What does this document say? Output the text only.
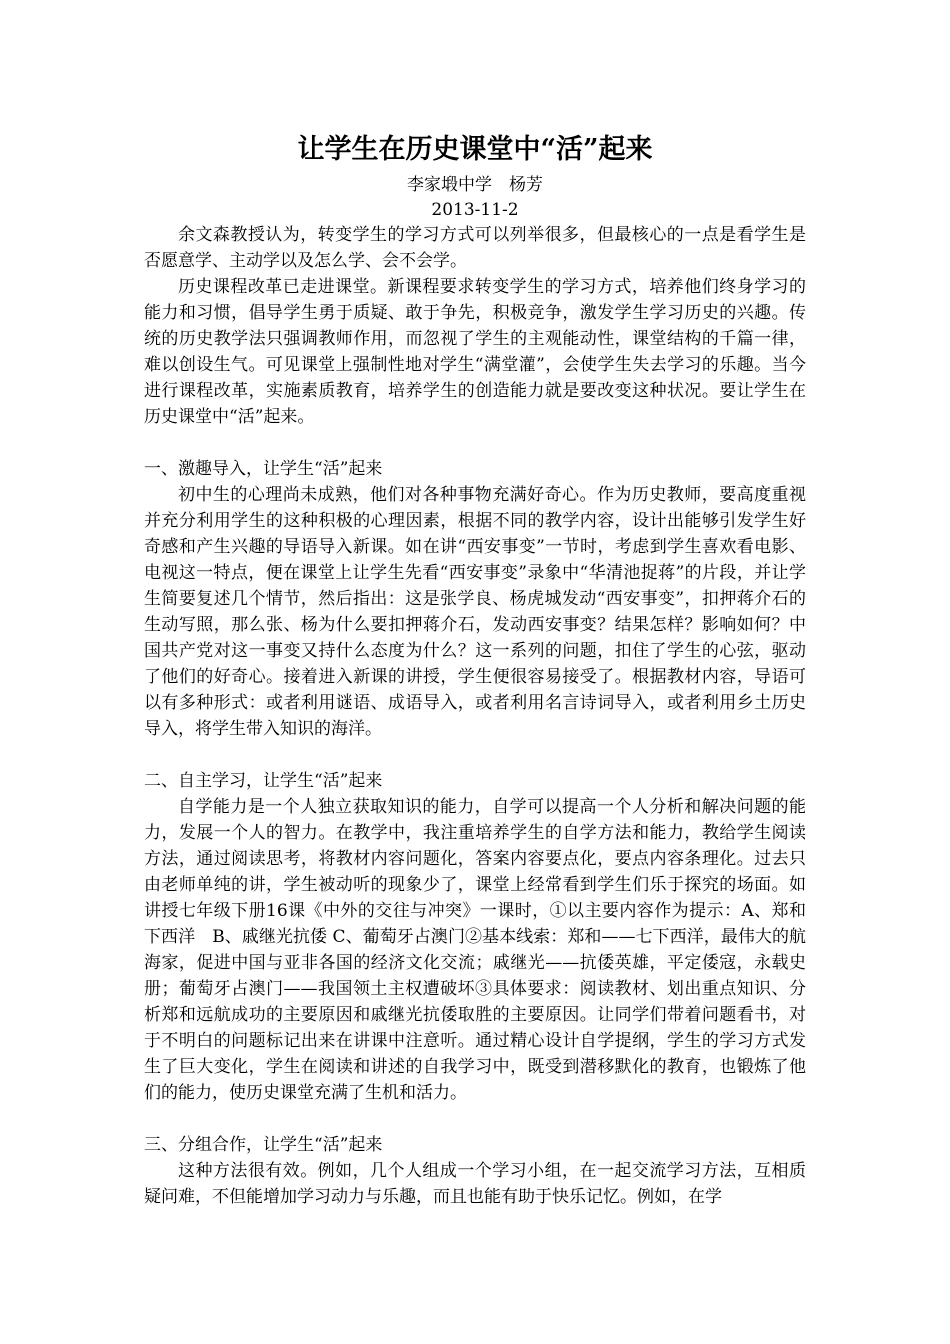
让学生在历史课堂中“活”起来

李家塅中学　杨芳

2013-11-2

余文森教授认为，转变学生的学习方式可以列举很多，但最核心的一点是看学生是否愿意学、主动学以及怎么学、会不会学。

历史课程改革已走进课堂。新课程要求转变学生的学习方式，培养他们终身学习的能力和习惯，倡导学生勇于质疑、敢于争先，积极竞争，激发学生学习历史的兴趣。传统的历史教学法只强调教师作用，而忽视了学生的主观能动性，课堂结构的千篇一律，难以创设生气。可见课堂上强制性地对学生“满堂灌”，会使学生失去学习的乐趣。当今进行课程改革，实施素质教育，培养学生的创造能力就是要改变这种状况。要让学生在历史课堂中“活”起来。

一、激趣导入，让学生“活”起来

初中生的心理尚未成熟，他们对各种事物充满好奇心。作为历史教师，要高度重视并充分利用学生的这种积极的心理因素，根据不同的教学内容，设计出能够引发学生好奇感和产生兴趣的导语导入新课。如在讲“西安事变”一节时，考虑到学生喜欢看电影、电视这一特点，便在课堂上让学生先看“西安事变”录象中“华清池捉蒋”的片段，并让学生简要复述几个情节，然后指出：这是张学良、杨虎城发动“西安事变”，扣押蒋介石的生动写照，那么张、杨为什么要扣押蒋介石，发动西安事变？结果怎样？影响如何？中国共产党对这一事变又持什么态度为什么？这一系列的问题，扣住了学生的心弦，驱动了他们的好奇心。接着进入新课的讲授，学生便很容易接受了。根据教材内容，导语可以有多种形式：或者利用谜语、成语导入，或者利用名言诗词导入，或者利用乡土历史导入，将学生带入知识的海洋。

二、自主学习，让学生“活”起来

自学能力是一个人独立获取知识的能力，自学可以提高一个人分析和解决问题的能力，发展一个人的智力。在教学中，我注重培养学生的自学方法和能力，教给学生阅读方法，通过阅读思考，将教材内容问题化，答案内容要点化，要点内容条理化。过去只由老师单纯的讲，学生被动听的现象少了，课堂上经常看到学生们乐于探究的场面。如讲授七年级下册16课《中外的交往与冲突》一课时，①以主要内容作为提示：A、郑和下西洋　B、戚继光抗倭 C、葡萄牙占澳门②基本线索：郑和——七下西洋，最伟大的航海家，促进中国与亚非各国的经济文化交流；戚继光——抗倭英雄，平定倭寇，永载史册；葡萄牙占澳门——我国领土主权遭破坏③具体要求：阅读教材、划出重点知识、分析郑和远航成功的主要原因和戚继光抗倭取胜的主要原因。让同学们带着问题看书，对于不明白的问题标记出来在讲课中注意听。通过精心设计自学提纲，学生的学习方式发生了巨大变化，学生在阅读和讲述的自我学习中，既受到潜移默化的教育，也锻炼了他们的能力，使历史课堂充满了生机和活力。

三、分组合作，让学生“活”起来

这种方法很有效。例如，几个人组成一个学习小组，在一起交流学习方法，互相质疑问难，不但能增加学习动力与乐趣，而且也能有助于快乐记忆。例如，在学
